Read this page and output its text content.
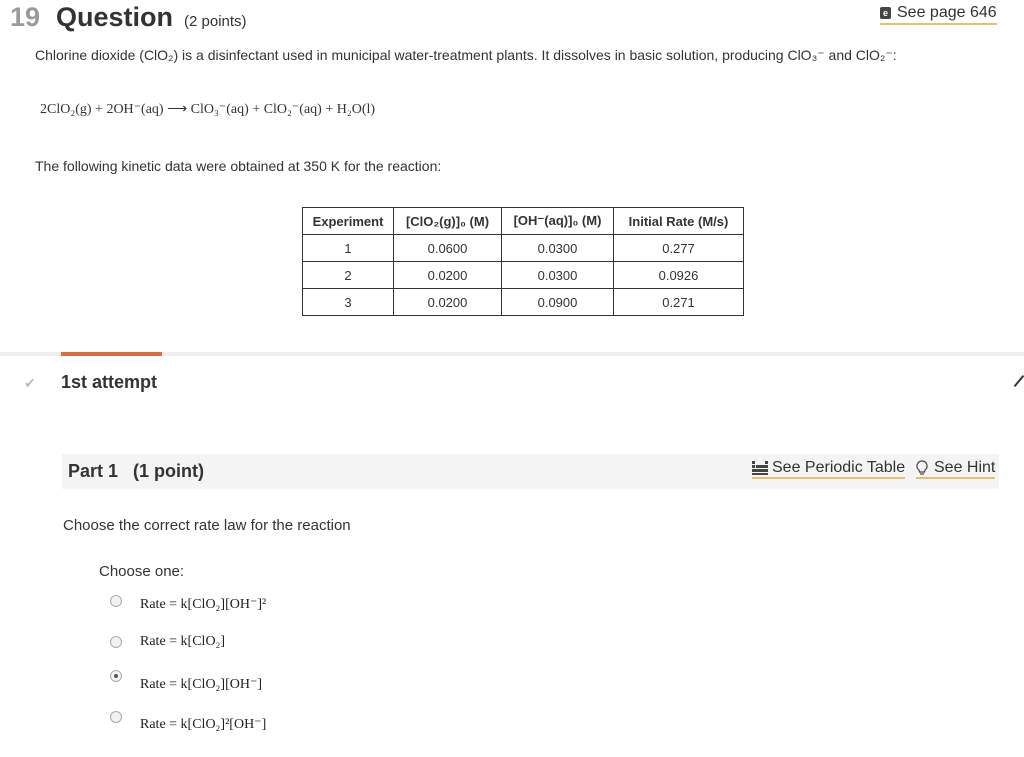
19 Question (2 points)	e See page 646
Chlorine dioxide (ClO₂) is a disinfectant used in municipal water-treatment plants. It dissolves in basic solution, producing ClO₃⁻ and ClO₂⁻:
2ClO₂(g) + 2OH⁻(aq) ⟶ ClO₃⁻(aq) + ClO₂⁻(aq) + H₂O(l)
The following kinetic data were obtained at 350 K for the reaction:
Experiment	[ClO₂(g)]₀ (M)	[OH⁻(aq)]₀ (M)	Initial Rate (M/s)
1	0.0600	0.0300	0.277
2	0.0200	0.0300	0.0926
3	0.0200	0.0900	0.271
✔ 1st attempt
Part 1 (1 point)	See Periodic Table See Hint
Choose the correct rate law for the reaction
Choose one:
Rate = k[ClO₂][OH⁻]²
Rate = k[ClO₂]
Rate = k[ClO₂][OH⁻]
Rate = k[ClO₂]²[OH⁻]
